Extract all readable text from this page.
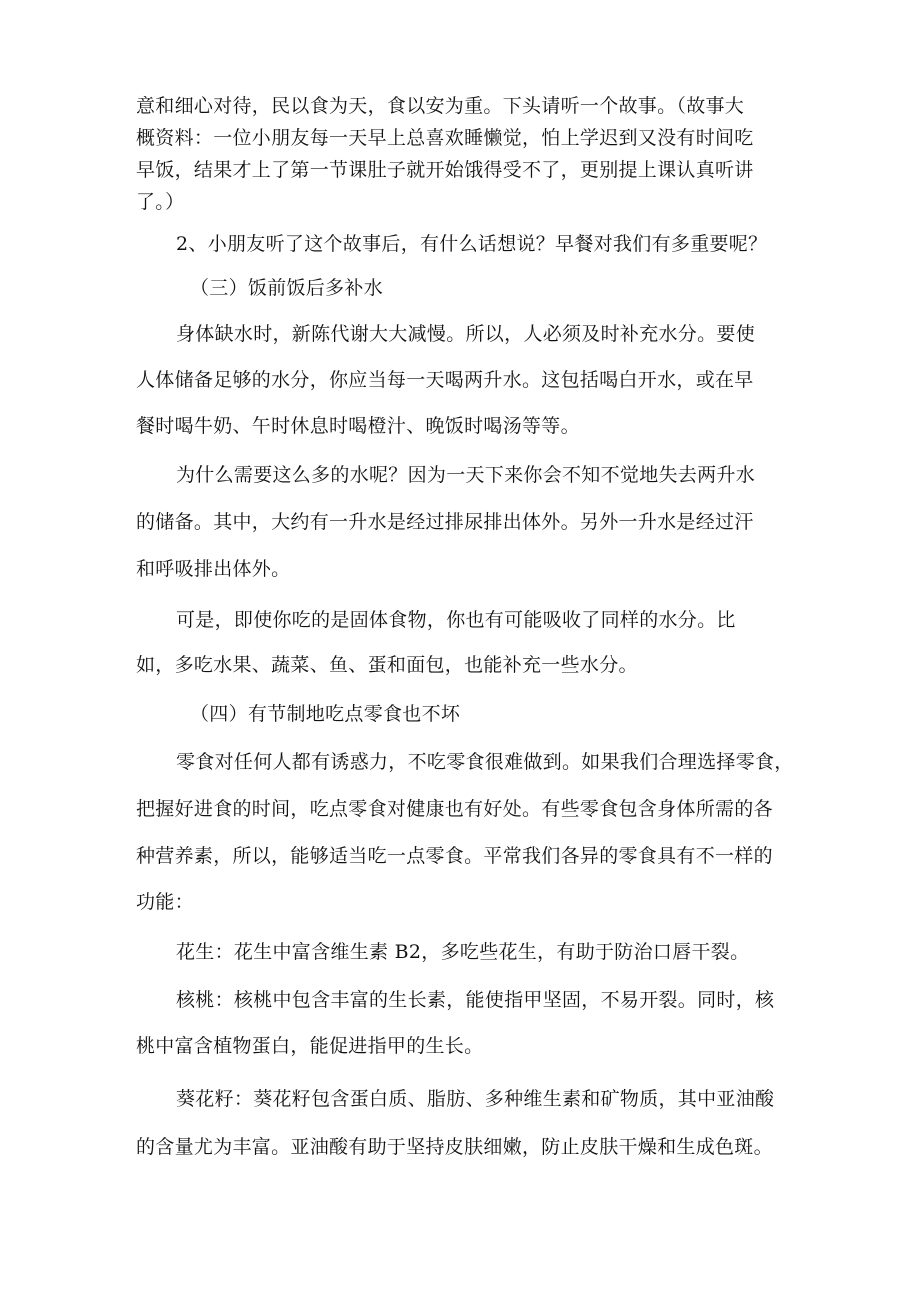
意和细心对待，民以食为天，食以安为重。下头请听一个故事。（故事大
概资料：一位小朋友每一天早上总喜欢睡懒觉，怕上学迟到又没有时间吃
早饭，结果才上了第一节课肚子就开始饿得受不了，更别提上课认真听讲
了。）
2、小朋友听了这个故事后，有什么话想说？早餐对我们有多重要呢？
（三）饭前饭后多补水
身体缺水时，新陈代谢大大减慢。所以，人必须及时补充水分。要使
人体储备足够的水分，你应当每一天喝两升水。这包括喝白开水，或在早
餐时喝牛奶、午时休息时喝橙汁、晚饭时喝汤等等。
为什么需要这么多的水呢？因为一天下来你会不知不觉地失去两升水
的储备。其中，大约有一升水是经过排尿排出体外。另外一升水是经过汗
和呼吸排出体外。
可是，即使你吃的是固体食物，你也有可能吸收了同样的水分。比
如，多吃水果、蔬菜、鱼、蛋和面包，也能补充一些水分。
（四）有节制地吃点零食也不坏
零食对任何人都有诱惑力，不吃零食很难做到。如果我们合理选择零食，
把握好进食的时间，吃点零食对健康也有好处。有些零食包含身体所需的各
种营养素，所以，能够适当吃一点零食。平常我们各异的零食具有不一样的
功能：
花生：花生中富含维生素 B2，多吃些花生，有助于防治口唇干裂。
核桃：核桃中包含丰富的生长素，能使指甲坚固，不易开裂。同时，核
桃中富含植物蛋白，能促进指甲的生长。
葵花籽：葵花籽包含蛋白质、脂肪、多种维生素和矿物质，其中亚油酸
的含量尤为丰富。亚油酸有助于坚持皮肤细嫩，防止皮肤干燥和生成色斑。
